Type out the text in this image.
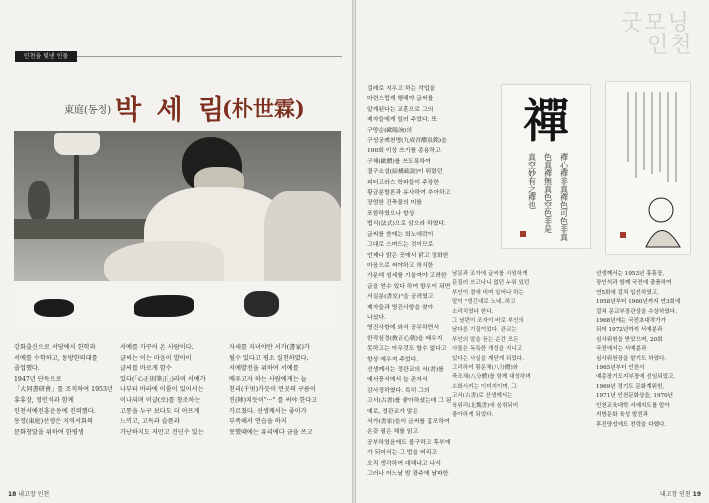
인천을 빛낸 인물
東庭(동정) 박 세 림
(朴世霖)

강화출신으로 서당에서 한학과

서예를 수학하고, 동방한의대를

졸업했다.

1947년 단독으로

「大同書研會」를 조직하여 1953년

휴휴장, 정인석과 함께

인천서예진흥운동에 진력했다.

동정(東庭)선생은 지역서화의

문화창달을 위하여 한평생

서예를 가꾸어 온 사람이다.

글씨는 이는 마음이 발아이

글씨를 바로게 함수

있다(「心正則筆正」)라며 서예가

나부터 바라에 이룸이 있어서는

이나되며 이글(로)를 창조하는

고통을 누구 보다도 더 아프게

느끼고, 고독과 슬픔과

가난하지도 저만고 견딘수 있는

자세를 지녀야만 서가(書家)가

될수 있다고 평소 실천하였다.

서예발전을 위하여 서예를

배우고자 하는 사람에게는 늘

천리(千里)가듯이 먼곳의 구름이

진(陣)치듯이"···" 를 써야 한다고

가르쳤다. 선생께서는 좋이가

부족해서 연습을 하지

못했때에는 유리에다 금을 쓰고

18 내고장 인천
굿모닝
인천

걸레로 지우고 하는 작업을

마련스럽게 행해야 글씨를

알게된다는 교훈으로 그의

제자들에게 일러 주었다. 또

구양순(歐陽詢)의

구성궁례천명(九成宮醴泉銘)을

100회 이상 쓰기를 종용하고

구체(歐體)를 쓰도록하여

결구소설(結構疏說)이 뛰렸던

피터고라스 학파들이 주장한

황금분할론과 유사하여 추아하고

장엄한 건축물의 미를

포함하였으나 항상

법식(法式)으로 삼으라 하였다.

글씨를 씀에는 희노애락이

그대로 스며드는 것이므로

언제나 밝은 곳에서 맑고 정화한

마음으로 써야하고 허식한

가운데 섬세를 기울여야 고려한

글을 얻수 있다 하여 항우이 되면

서실분(書室)"을 궁려였고

제자들과 영진사항을 찾아

나섰다.

영진사항에 와서 공무하면서

한작심정(敎正心朝)을 배우지

못하고는 아무것도 할수 없다고

항상 예우져 주었다.

선생께서는 정관교의 서(書)를

예서풍서에서 늘 존자서

감사정하였다. 특히 그의

고서(古書)를 좋아하셨는데 그 된

예로, 정관교가 말은

서가(書家)들이 금씨를 흉모하여

온갖 필은 체를 읽고

공부하였음에도 불구하고 후부에

가 되어서는 그 법을 버리고

오직 생각하여 대해나고 나서

그러나 어느날 밤 광주에 날파한

禪
禪心禪非真禪色可色非真
色真禪無真色空色非是
真空妙有之禪也

남문과 조자에 글씨를 시원하게

문질러 쓰고나니 없던 누워 있던

부인이 곁에 비며 일어나 하는

말이 "생긴대로 노네..하고

소리치였다 한다.

그 남편이 조자이 바로 부인의

남다른 기질이었다. 관교는

부인의 말을 듣는 순간 모든

사물은 독특한 개성을 지니고

있다는 사실을 깨닫게 되었다.

그리하여 황문체(八分體)와

축조체(八分體)를 함께 대성하며

소화시키는 이미지이며, 그

고서(古書)로 선생께서는

육위리(北魏書)에 심취되어

좋아하게 되었다.

선생께서는 1953년 휴휴장,

장인석과 함께 국전에 출품하여

연5회에 걸쳐 입선하였고,

1958년부터 1960년까지 연3회에

걸쳐 문교부장관상을 수상하였다.

1968년에는 국전초대작가가

되어 1972년까지 서예분과

심사위원을 받았으며, 20회

국전에서는 서예분과

심사위원장을 맡기도 하였다.

1965년부터 인천서

예총장기도지부장에 선임되었고,

1969년 경기도 문화계위원,

1971년 인천문화상을, 1970년

인천교육대학 서예지도를 맡아

지방문화 육성 발전과

후진양성에도 전력을 다했다.

내고장 인천 19
